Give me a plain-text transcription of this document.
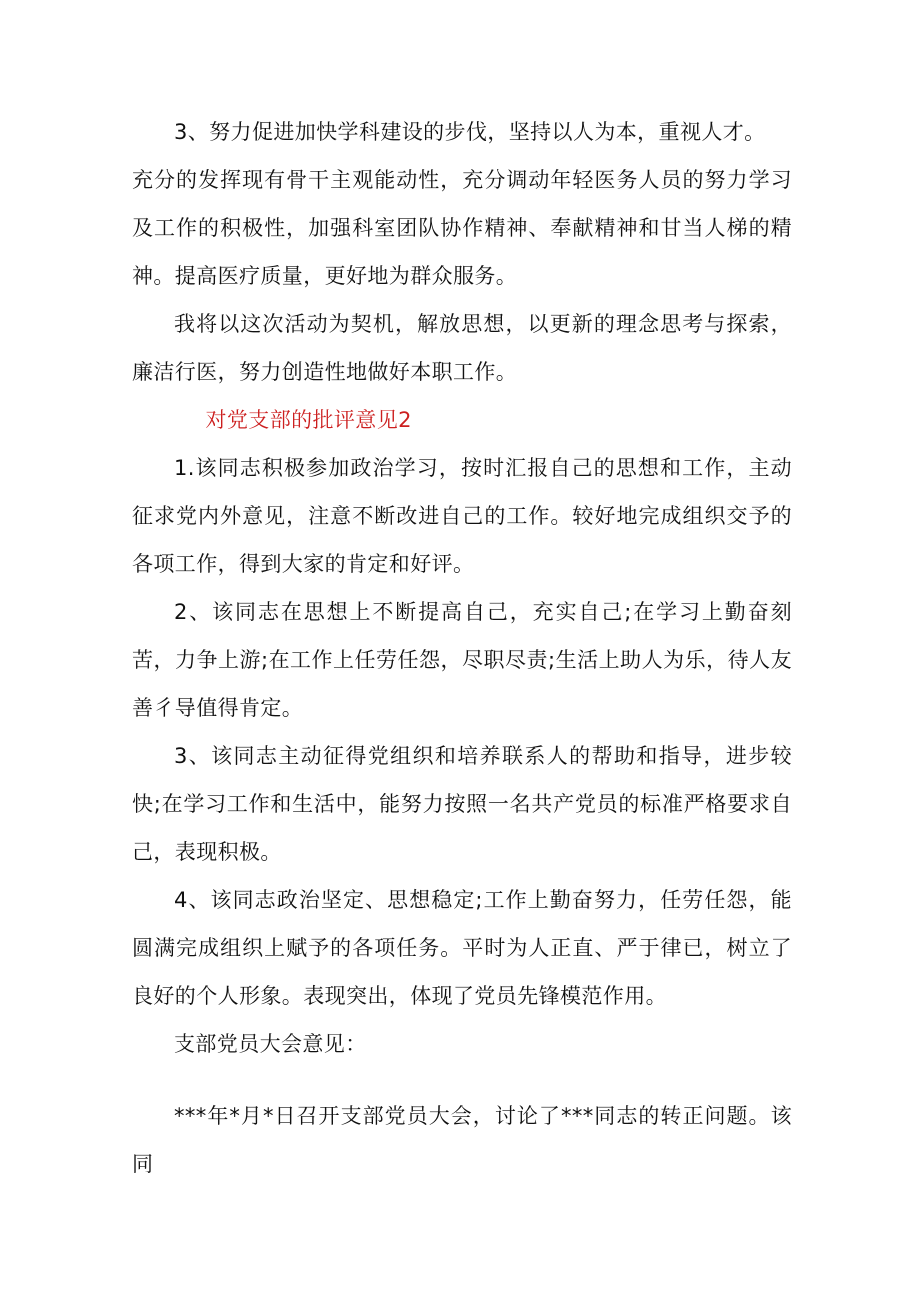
3、努力促进加快学科建设的步伐，坚持以人为本，重视人才。

充分的发挥现有骨干主观能动性，充分调动年轻医务人员的努力学习及工作的积极性，加强科室团队协作精神、奉献精神和甘当人梯的精神。提高医疗质量，更好地为群众服务。

我将以这次活动为契机，解放思想，以更新的理念思考与探索，廉洁行医，努力创造性地做好本职工作。

对党支部的批评意见2

1.该同志积极参加政治学习，按时汇报自己的思想和工作，主动征求党内外意见，注意不断改进自己的工作。较好地完成组织交予的各项工作，得到大家的肯定和好评。

2、该同志在思想上不断提高自己，充实自己;在学习上勤奋刻苦，力争上游;在工作上任劳任怨，尽职尽责;生活上助人为乐，待人友善彳导值得肯定。

3、该同志主动征得党组织和培养联系人的帮助和指导，进步较快;在学习工作和生活中，能努力按照一名共产党员的标准严格要求自己，表现积极。

4、该同志政治坚定、思想稳定;工作上勤奋努力，任劳任怨，能圆满完成组织上赋予的各项任务。平时为人正直、严于律已，树立了良好的个人形象。表现突出，体现了党员先锋模范作用。

支部党员大会意见：

***年*月*日召开支部党员大会，讨论了***同志的转正问题。该同
